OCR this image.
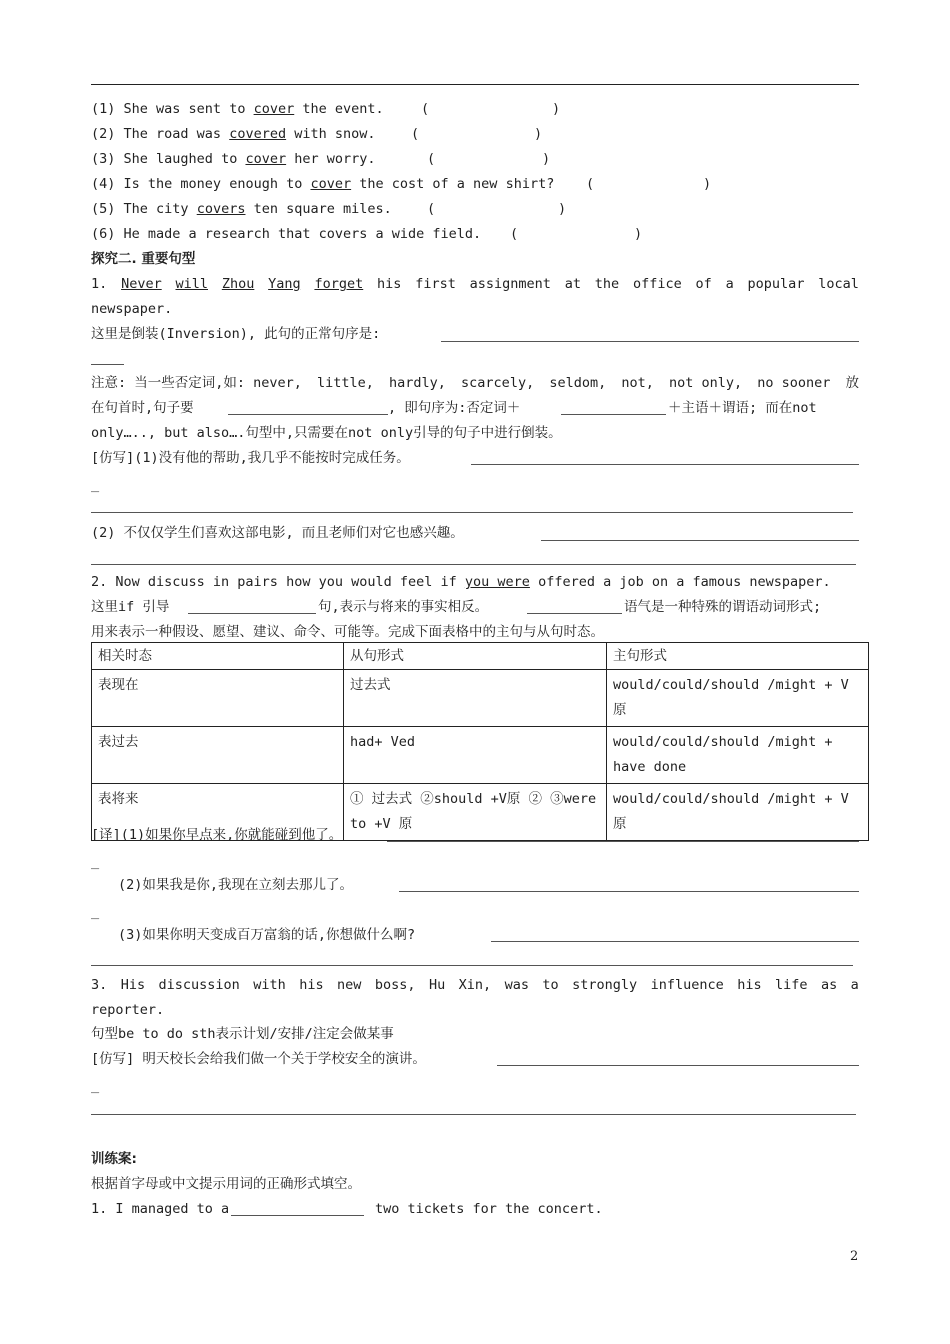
(1) She was sent to cover the event.	(	)
(2) The road was covered with snow.	(	)
(3) She laughed to cover her worry.	(	)
(4) Is the money enough to cover the cost of a new shirt? (	)
(5) The city covers ten square miles.	(	)
(6) He made a research that covers a wide field. (	)
探究二. 重要句型
1. Never will Zhou Yang forget his first assignment at the office of a popular local
newspaper.
这里是倒装(Inversion), 此句的正常句序是:
注意: 当一些否定词,如: never, little, hardly, scarcely, seldom, not, not only, no sooner 放
在句首时,句子要	, 即句序为:否定词＋	＋主语＋谓语; 而在not
only….., but also….句型中,只需要在not only引导的句子中进行倒装。
[仿写](1)没有他的帮助,我几乎不能按时完成任务。
_
(2) 不仅仅学生们喜欢这部电影, 而且老师们对它也感兴趣。
2. Now discuss in pairs how you would feel if you were offered a job on a famous newspaper.
这里if 引导	句,表示与将来的事实相反。	语气是一种特殊的谓语动词形式;
用来表示一种假设、愿望、建议、命令、可能等。完成下面表格中的主句与从句时态。
相关时态	从句形式	主句形式
表现在	过去式	would/could/should /might + V 原
表过去	had+ Ved	would/could/should /might + have done
表将来	① 过去式 ②should +V原 ② ③were to +V 原	would/could/should /might + V 原
[译](1)如果你早点来,你就能碰到他了。
_
(2)如果我是你,我现在立刻去那儿了。
_
(3)如果你明天变成百万富翁的话,你想做什么啊?
3. His discussion with his new boss, Hu Xin, was to strongly influence his life as a
reporter.
句型be to do sth表示计划/安排/注定会做某事
[仿写] 明天校长会给我们做一个关于学校安全的演讲。
_
训练案:
根据首字母或中文提示用词的正确形式填空。
1. I managed to a	two tickets for the concert.
2
